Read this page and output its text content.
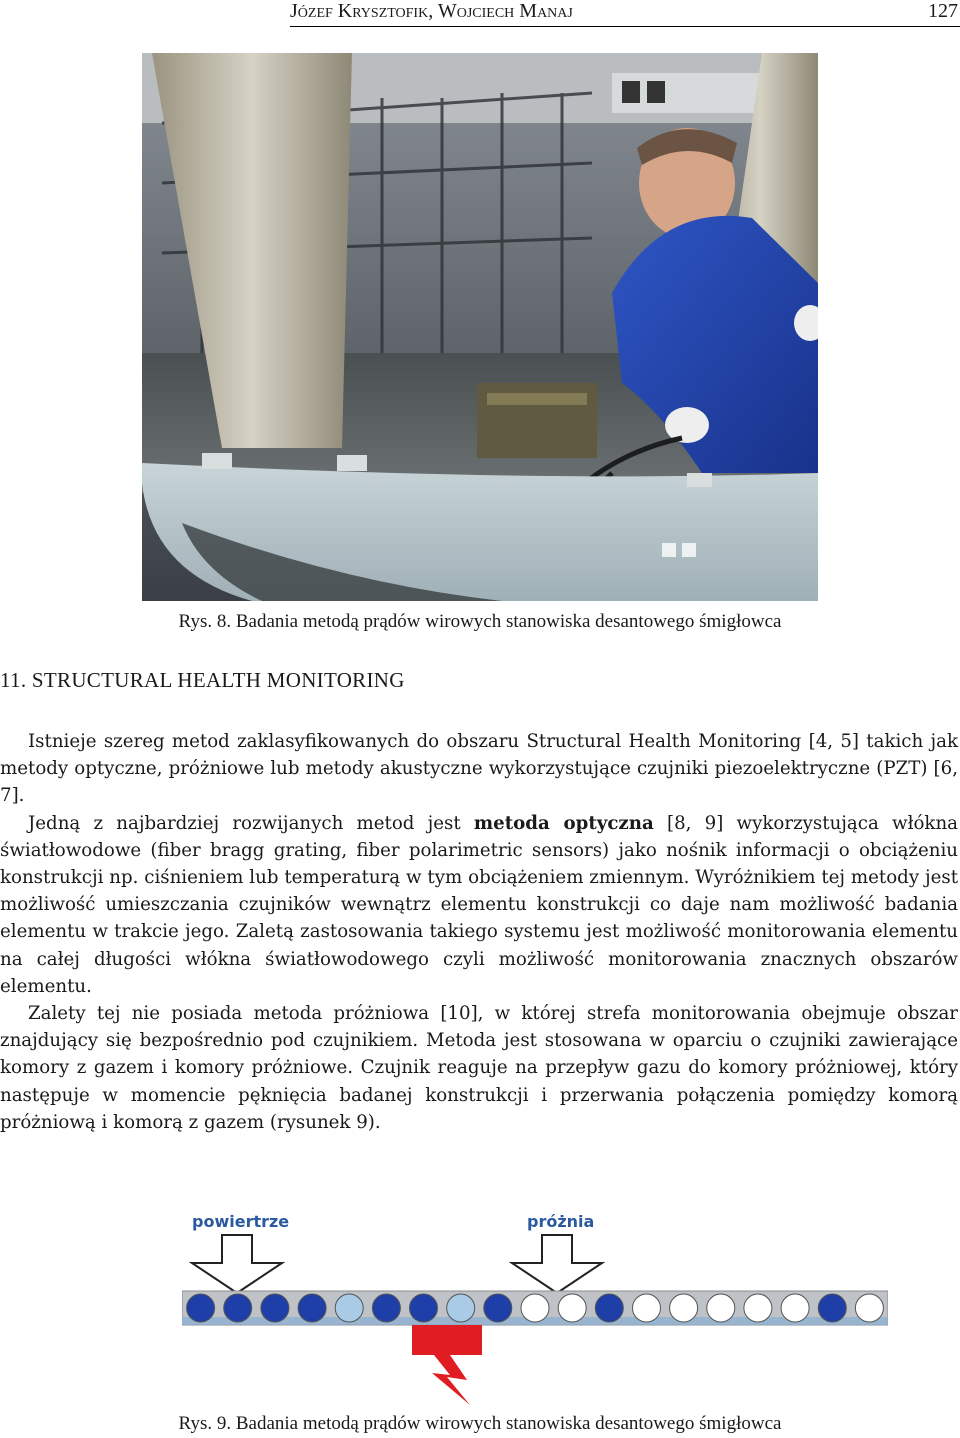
Józef Krysztofik, Wojciech Manaj	127
Rys. 8. Badania metodą prądów wirowych stanowiska desantowego śmigłowca
11. STRUCTURAL HEALTH MONITORING

Istnieje szereg metod zaklasyfikowanych do obszaru Structural Health Monitoring [4, 5] takich jak metody optyczne, próżniowe lub metody akustyczne wykorzystujące czujniki piezoelektryczne (PZT) [6, 7].

Jedną z najbardziej rozwijanych metod jest metoda optyczna [8, 9] wykorzystująca włókna światłowodowe (fiber bragg grating, fiber polarimetric sensors) jako nośnik informacji o obciążeniu konstrukcji np. ciśnieniem lub temperaturą w tym obciążeniem zmiennym. Wyróżnikiem tej metody jest możliwość umieszczania czujników wewnątrz elementu konstrukcji co daje nam możliwość badania elementu w trakcie jego. Zaletą zastosowania takiego systemu jest możliwość monitorowania elementu na całej długości włókna światłowodowego czyli możliwość monitorowania znacznych obszarów elementu.

Zalety tej nie posiada metoda próżniowa [10], w której strefa monitorowania obejmuje obszar znajdujący się bezpośrednio pod czujnikiem. Metoda jest stosowana w oparciu o czujniki zawierające komory z gazem i komory próżniowe. Czujnik reaguje na przepływ gazu do komory próżniowej, który następuje w momencie pęknięcia badanej konstrukcji i przerwania połączenia pomiędzy komorą próżniową i komorą z gazem (rysunek 9).

powiertrze	próżnia
Rys. 9. Badania metodą prądów wirowych stanowiska desantowego śmigłowca
